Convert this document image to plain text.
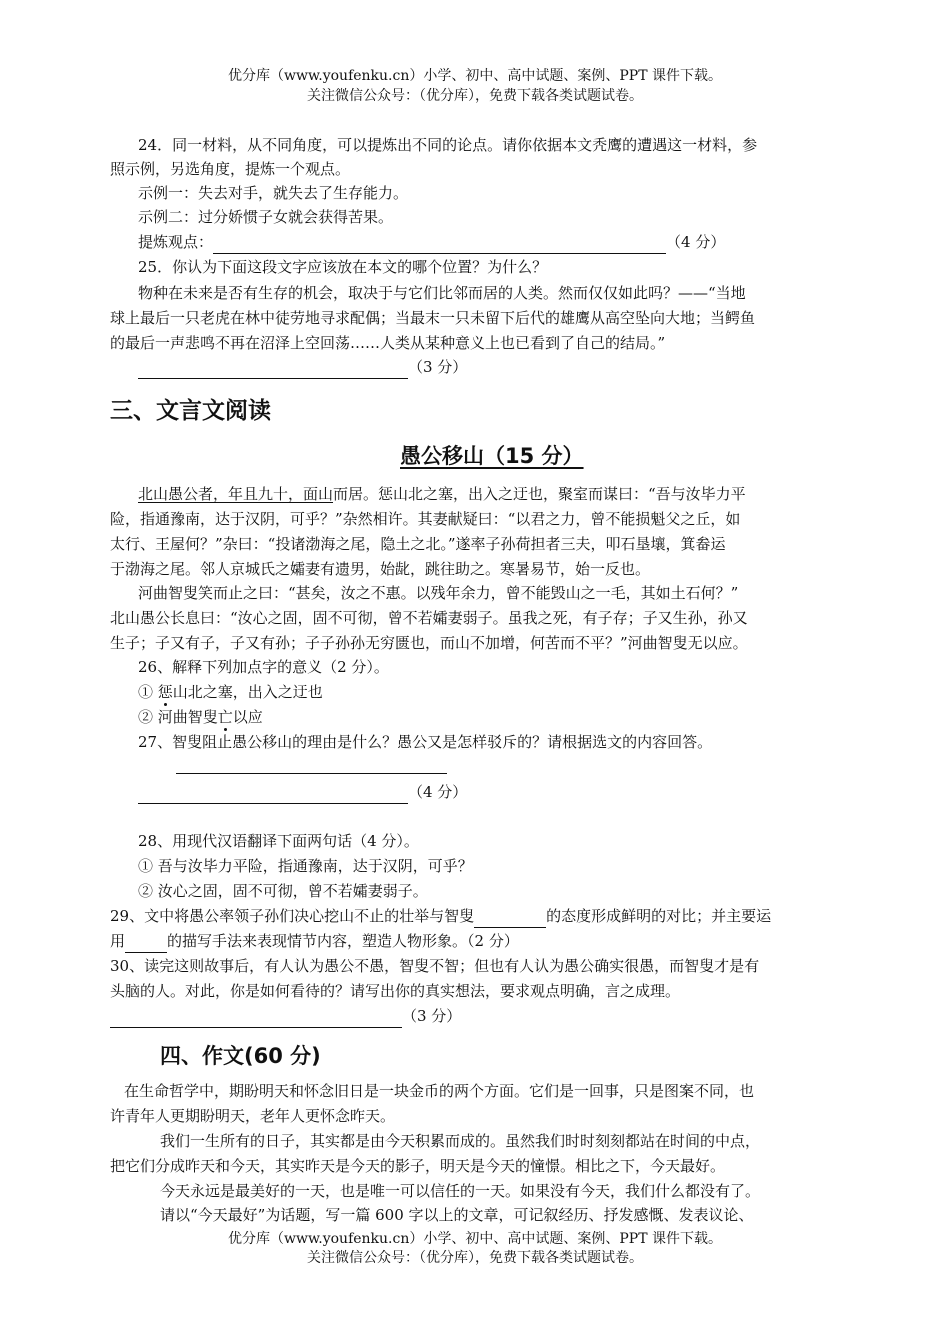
优分库（www.youfenku.cn）小学、初中、高中试题、案例、PPT 课件下载。
关注微信公众号：（优分库），免费下载各类试题试卷。
24．同一材料，从不同角度，可以提炼出不同的论点。请你依据本文秃鹰的遭遇这一材料，参
照示例，另选角度，提炼一个观点。
示例一：失去对手，就失去了生存能力。
示例二：过分娇惯子女就会获得苦果。
提炼观点：	（4 分）
25．你认为下面这段文字应该放在本文的哪个位置？为什么？
物种在未来是否有生存的机会，取决于与它们比邻而居的人类。然而仅仅如此吗？——“当地
球上最后一只老虎在林中徒劳地寻求配偶；当最末一只未留下后代的雄鹰从高空坠向大地；当鳄鱼
的最后一声悲鸣不再在沼泽上空回荡……人类从某种意义上也已看到了自己的结局。”
（3 分）
三、文言文阅读
愚公移山（15 分）
北山愚公者，年且九十，面山而居。惩山北之塞，出入之迂也，聚室而谋曰：“吾与汝毕力平
险，指通豫南，达于汉阴，可乎？”杂然相许。其妻献疑曰：“以君之力，曾不能损魁父之丘，如
太行、王屋何？”杂曰：“投诸渤海之尾，隐土之北。”遂率子孙荷担者三夫，叩石垦壤，箕畚运
于渤海之尾。邻人京城氏之孀妻有遗男，始龀，跳往助之。寒暑易节，始一反也。
河曲智叟笑而止之曰：“甚矣，汝之不惠。以残年余力，曾不能毁山之一毛，其如土石何？”
北山愚公长息曰：“汝心之固，固不可彻，曾不若孀妻弱子。虽我之死，有子存；子又生孙，孙又
生子；子又有子，子又有孙；子子孙孙无穷匮也，而山不加增，何苦而不平？”河曲智叟无以应。
26、解释下列加点字的意义（2 分）。
① 惩山北之塞，出入之迂也
② 河曲智叟亡以应
27、智叟阻止愚公移山的理由是什么？愚公又是怎样驳斥的？请根据选文的内容回答。
（4 分）
28、用现代汉语翻译下面两句话（4 分）。
① 吾与汝毕力平险，指通豫南，达于汉阴，可乎？
② 汝心之固，固不可彻，曾不若孀妻弱子。
29、文中将愚公率领子孙们决心挖山不止的壮举与智叟	的态度形成鲜明的对比；并主要运
用	的描写手法来表现情节内容，塑造人物形象。（2 分）
30、读完这则故事后，有人认为愚公不愚，智叟不智；但也有人认为愚公确实很愚，而智叟才是有
头脑的人。对此，你是如何看待的？请写出你的真实想法，要求观点明确，言之成理。
（3 分）
四、作文(60 分)
在生命哲学中，期盼明天和怀念旧日是一块金币的两个方面。它们是一回事，只是图案不同，也
许青年人更期盼明天，老年人更怀念昨天。
我们一生所有的日子，其实都是由今天积累而成的。虽然我们时时刻刻都站在时间的中点，
把它们分成昨天和今天，其实昨天是今天的影子，明天是今天的憧憬。相比之下，今天最好。
今天永远是最美好的一天，也是唯一可以信任的一天。如果没有今天，我们什么都没有了。
请以“今天最好”为话题，写一篇 600 字以上的文章，可记叙经历、抒发感慨、发表议论、
优分库（www.youfenku.cn）小学、初中、高中试题、案例、PPT 课件下载。
关注微信公众号：（优分库），免费下载各类试题试卷。
